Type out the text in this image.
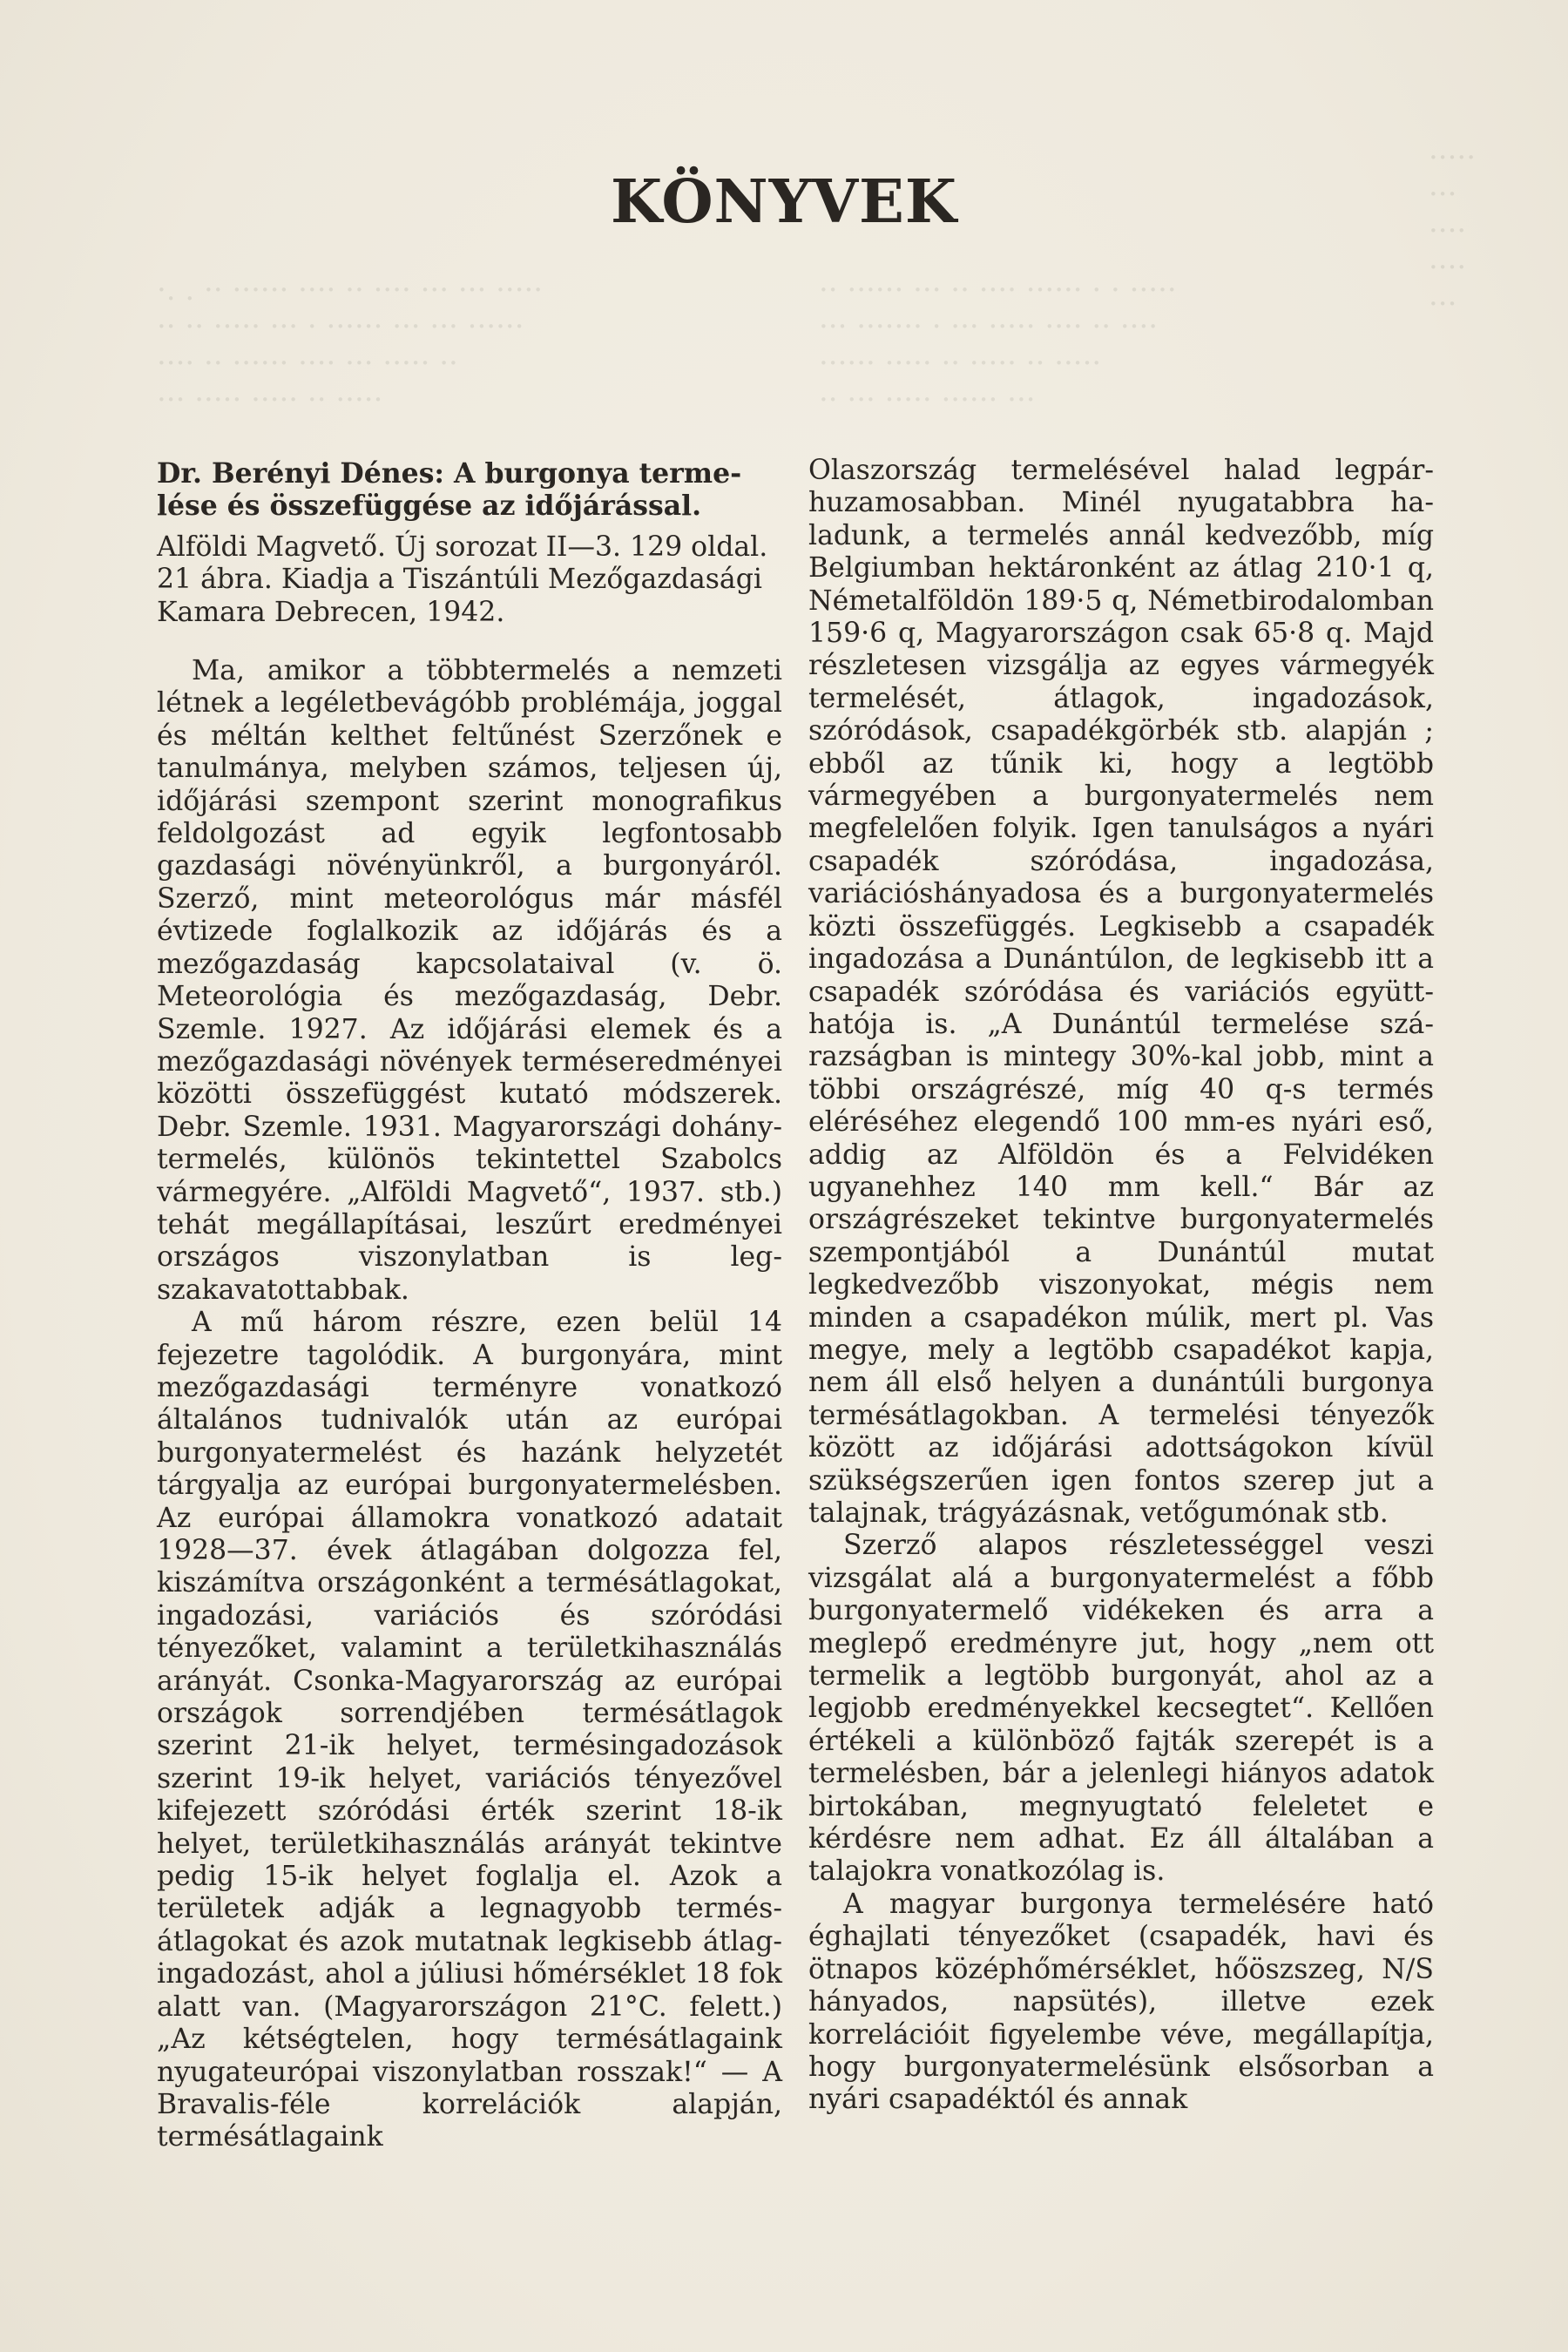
·. . ·· ······ ···· ·· ···· ··· ··· ·····
·· ·· ····· ··· · ······ ··· ··· ······
···· ·· ······ ···· ··· ····· ··
··· ····· ····· ·· ·····
·· ······ ··· ·· ···· ······ · · ·····
··· ······· · ··· ····· ···· ·· ····
······ ····· ·· ····· ·· ·····
·· ··· ····· ······ ···
·····
···
····
····
···
KÖNYVEK

Dr. Berényi Dénes: A burgonya termelése és összefüggése az időjárással.

Alföldi Magvető. Új sorozat II—3. 129 oldal. 21 ábra. Kiadja a Tiszántúli Mezőgazdasági Kamara Debrecen, 1942.

Ma, amikor a többtermelés a nemzeti létnek a legéletbevágóbb problémája, joggal és méltán kelthet feltűnést Szerzőnek e tanulmánya, melyben számos, teljesen új, időjárási szempont szerint monografikus feldolgozást ad egyik legfontosabb gazdasági növényünkről, a burgonyáról. Szerző, mint meteorológus már másfél évtizede foglalkozik az időjárás és a mezőgazdaság kapcsolataival (v. ö. Meteorológia és mezőgazdaság, Debr. Szemle. 1927. Az időjárási elemek és a mezőgazdasági növények terméseredményei közötti összefüggést kutató módszerek. Debr. Szemle. 1931. Magyarországi dohánytermelés, különös tekintettel Szabolcs vármegyére. „Alföldi Magvető“, 1937. stb.) tehát megállapításai, leszűrt eredményei országos viszonylatban is legszakavatottabbak.

A mű három részre, ezen belül 14 fejezetre tagolódik. A burgonyára, mint mezőgazdasági terményre vonatkozó általános tudnivalók után az európai burgonyatermelést és hazánk helyzetét tárgyalja az európai burgonyatermelésben. Az európai államokra vonatkozó adatait 1928—37. évek átlagában dolgozza fel, kiszámítva országonként a termésátlagokat, ingadozási, variációs és szóródási tényezőket, valamint a területkihasználás arányát. Csonka-Magyarország az európai országok sorrendjében termésátlagok szerint 21-ik helyet, termésingadozások szerint 19-ik helyet, variációs tényezővel kifejezett szóródási érték szerint 18-ik helyet, területkihasználás arányát tekintve pedig 15-ik helyet foglalja el. Azok a területek adják a legnagyobb termésátlagokat és azok mutatnak legkisebb átlag-ingadozást, ahol a júliusi hőmérséklet 18 fok alatt van. (Magyarországon 21°C. felett.) „Az kétségtelen, hogy termésátlagaink nyugateurópai viszonylatban rosszak!“ — A Bravalis-féle korrelációk alapján, termésátlagaink

Olaszország termelésével halad legpárhuzamosabban. Minél nyugatabbra haladunk, a termelés annál kedvezőbb, míg Belgiumban hektáronként az átlag 210·1 q, Németalföldön 189·5 q, Németbirodalomban 159·6 q, Magyarországon csak 65·8 q. Majd részletesen vizsgálja az egyes vármegyék termelését, átlagok, ingadozások, szóródások, csapadékgörbék stb. alapján ; ebből az tűnik ki, hogy a legtöbb vármegyében a burgonyatermelés nem megfelelően folyik. Igen tanulságos a nyári csapadék szóródása, ingadozása, variációshányadosa és a burgonyatermelés közti összefüggés. Legkisebb a csapadék ingadozása a Dunántúlon, de legkisebb itt a csapadék szóródása és variációs együtthatója is. „A Dunántúl termelése szárazságban is mintegy 30%-kal jobb, mint a többi országrészé, míg 40 q-s termés eléréséhez elegendő 100 mm-es nyári eső, addig az Alföldön és a Felvidéken ugyanehhez 140 mm kell.“ Bár az országrészeket tekintve burgonyatermelés szempontjából a Dunántúl mutat legkedvezőbb viszonyokat, mégis nem minden a csapadékon múlik, mert pl. Vas megye, mely a legtöbb csapadékot kapja, nem áll első helyen a dunántúli burgonya termésátlagokban. A termelési tényezők között az időjárási adottságokon kívül szükségszerűen igen fontos szerep jut a talajnak, trágyázásnak, vetőgumónak stb.

Szerző alapos részletességgel veszi vizsgálat alá a burgonyatermelést a főbb burgonyatermelő vidékeken és arra a meglepő eredményre jut, hogy „nem ott termelik a legtöbb burgonyát, ahol az a legjobb eredményekkel kecsegtet“. Kellően értékeli a különböző fajták szerepét is a termelésben, bár a jelenlegi hiányos adatok birtokában, megnyugtató feleletet e kérdésre nem adhat. Ez áll általában a talajokra vonatkozólag is.

A magyar burgonya termelésére ható éghajlati tényezőket (csapadék, havi és ötnapos középhőmérséklet, hőöszszeg, N/S hányados, napsütés), illetve ezek korrelációit figyelembe véve, megállapítja, hogy burgonyatermelésünk elsősorban a nyári csapadéktól és annak
